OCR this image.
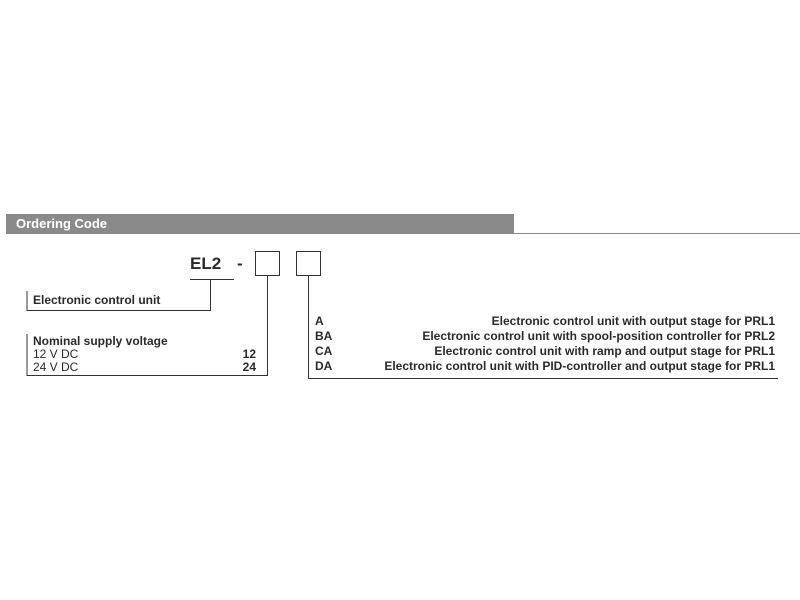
Ordering Code
EL2 -
Electronic control unit
Nominal supply voltage
12 V DC	12
24 V DC	24
A	Electronic control unit with output stage for PRL1
BA	Electronic control unit with spool-position controller for PRL2
CA	Electronic control unit with ramp and output stage for PRL1
DA	Electronic control unit with PID-controller and output stage for PRL1
